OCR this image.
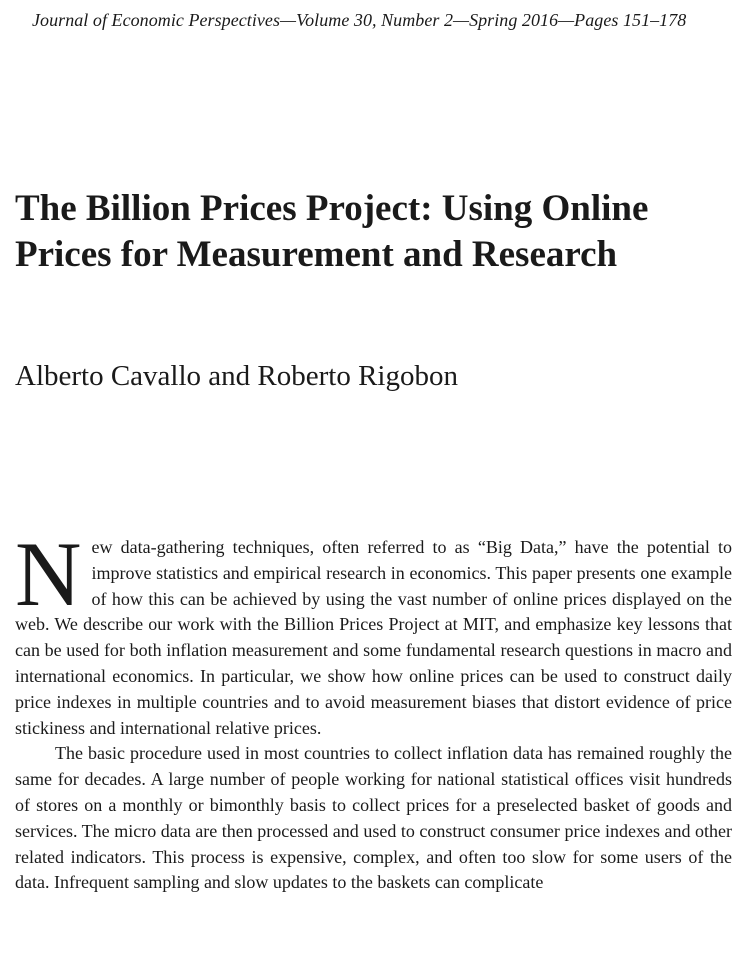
Journal of Economic Perspectives—Volume 30, Number 2—Spring 2016—Pages 151–178

The Billion Prices Project: Using Online Prices for Measurement and Research
Alberto Cavallo and Roberto Rigobon

New data-gathering techniques, often referred to as “Big Data,” have the potential to improve statistics and empirical research in economics. This paper presents one example of how this can be achieved by using the vast number of online prices displayed on the web. We describe our work with the Billion Prices Project at MIT, and emphasize key lessons that can be used for both inflation measurement and some fundamental research questions in macro and international economics. In particular, we show how online prices can be used to construct daily price indexes in multiple countries and to avoid measurement biases that distort evidence of price stickiness and international relative prices.

The basic procedure used in most countries to collect inflation data has remained roughly the same for decades. A large number of people working for national statistical offices visit hundreds of stores on a monthly or bimonthly basis to collect prices for a preselected basket of goods and services. The micro data are then processed and used to construct consumer price indexes and other related indicators. This process is expensive, complex, and often too slow for some users of the data. Infrequent sampling and slow updates to the baskets can complicate
